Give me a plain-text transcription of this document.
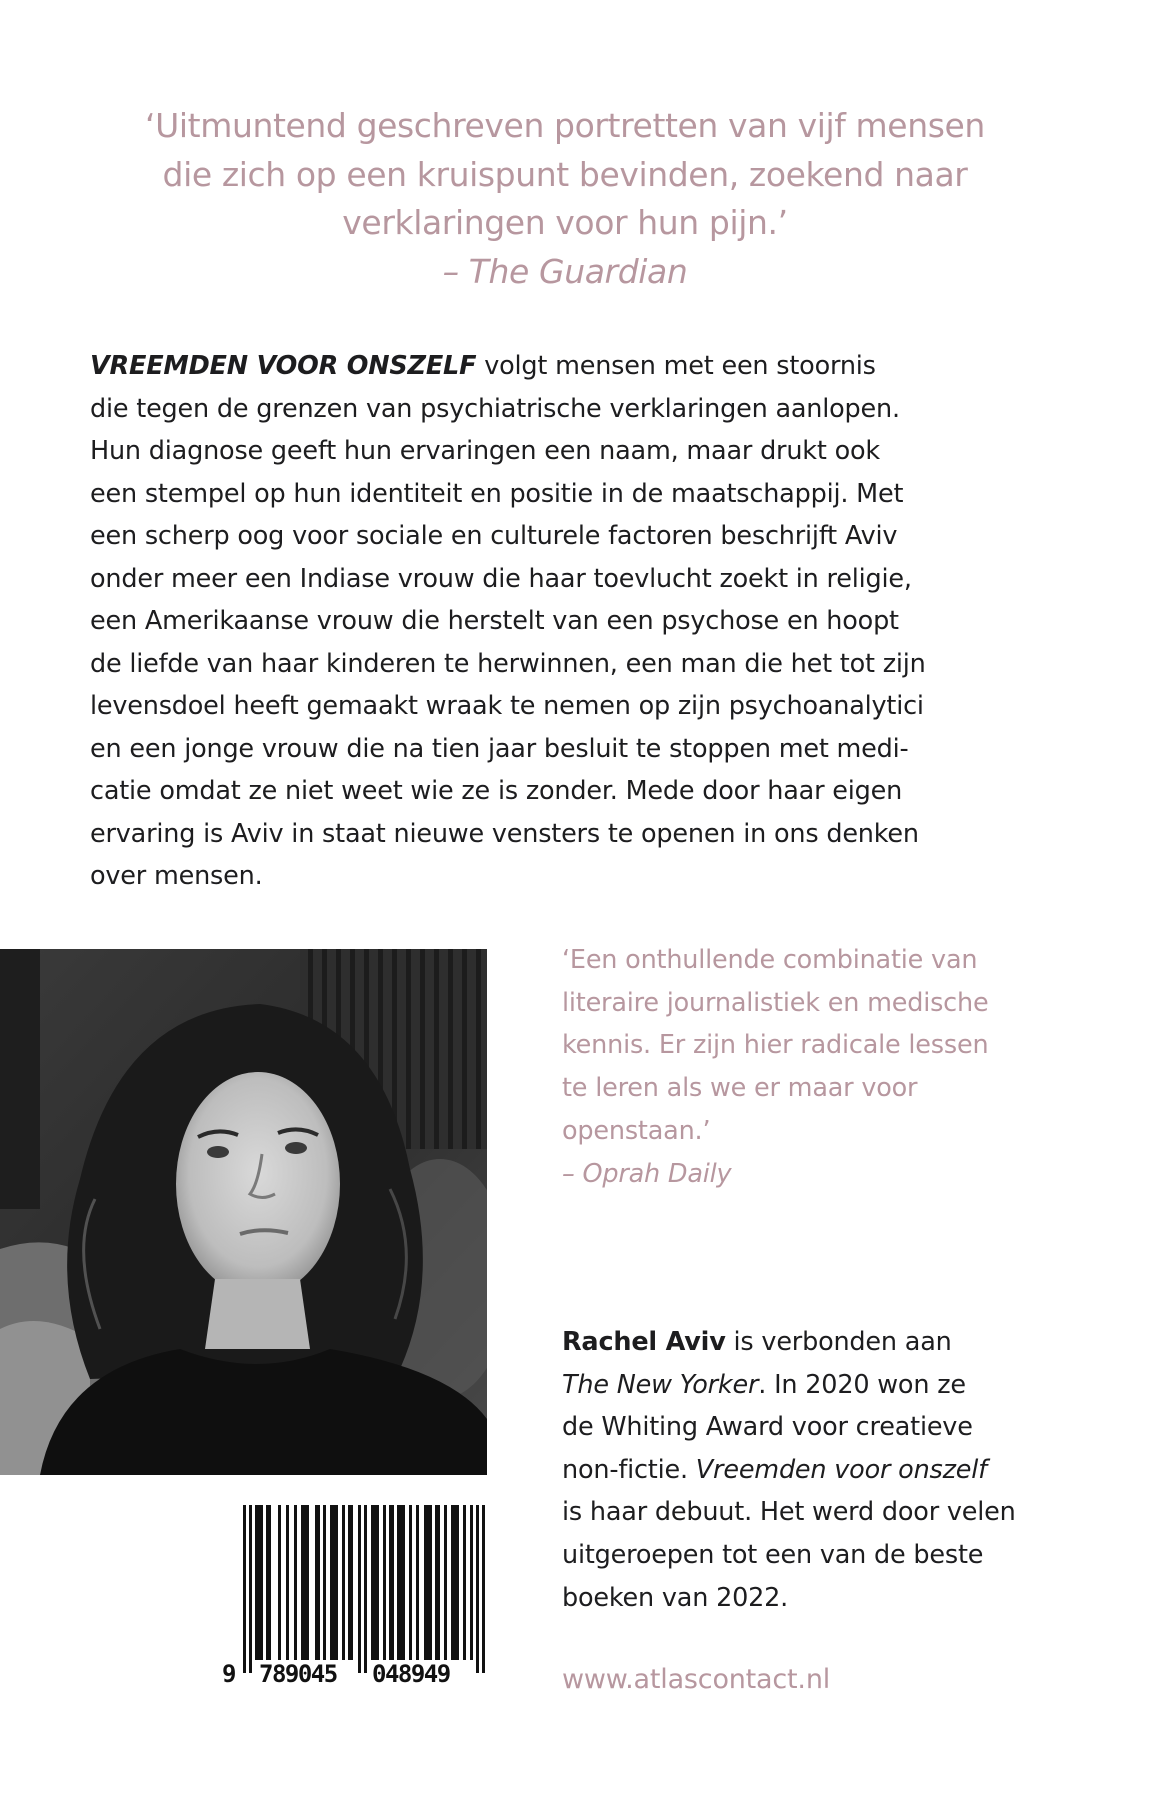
‘Uitmuntend geschreven portretten van vijf mensen
die zich op een kruispunt bevinden, zoekend naar
verklaringen voor hun pijn.’
– The Guardian
VREEMDEN VOOR ONSZELF volgt mensen met een stoornis
die tegen de grenzen van psychiatrische verklaringen aanlopen.
Hun diagnose geeft hun ervaringen een naam, maar drukt ook
een stempel op hun identiteit en positie in de maatschappij. Met
een scherp oog voor sociale en culturele factoren beschrijft Aviv
onder meer een Indiase vrouw die haar toevlucht zoekt in religie,
een Amerikaanse vrouw die herstelt van een psychose en hoopt
de liefde van haar kinderen te herwinnen, een man die het tot zijn
levensdoel heeft gemaakt wraak te nemen op zijn psychoanalytici
en een jonge vrouw die na tien jaar besluit te stoppen met medi-
catie omdat ze niet weet wie ze is zonder. Mede door haar eigen
ervaring is Aviv in staat nieuwe vensters te openen in ons denken
over mensen.
‘Een onthullende combinatie van
literaire journalistiek en medische
kennis. Er zijn hier radicale lessen
te leren als we er maar voor
openstaan.’
– Oprah Daily
Rachel Aviv is verbonden aan
The New Yorker. In 2020 won ze
de Whiting Award voor creatieve
non-fictie. Vreemden voor onszelf
is haar debuut. Het werd door velen
uitgeroepen tot een van de beste
boeken van 2022.
9 789045 048949	www.atlascontact.nl
